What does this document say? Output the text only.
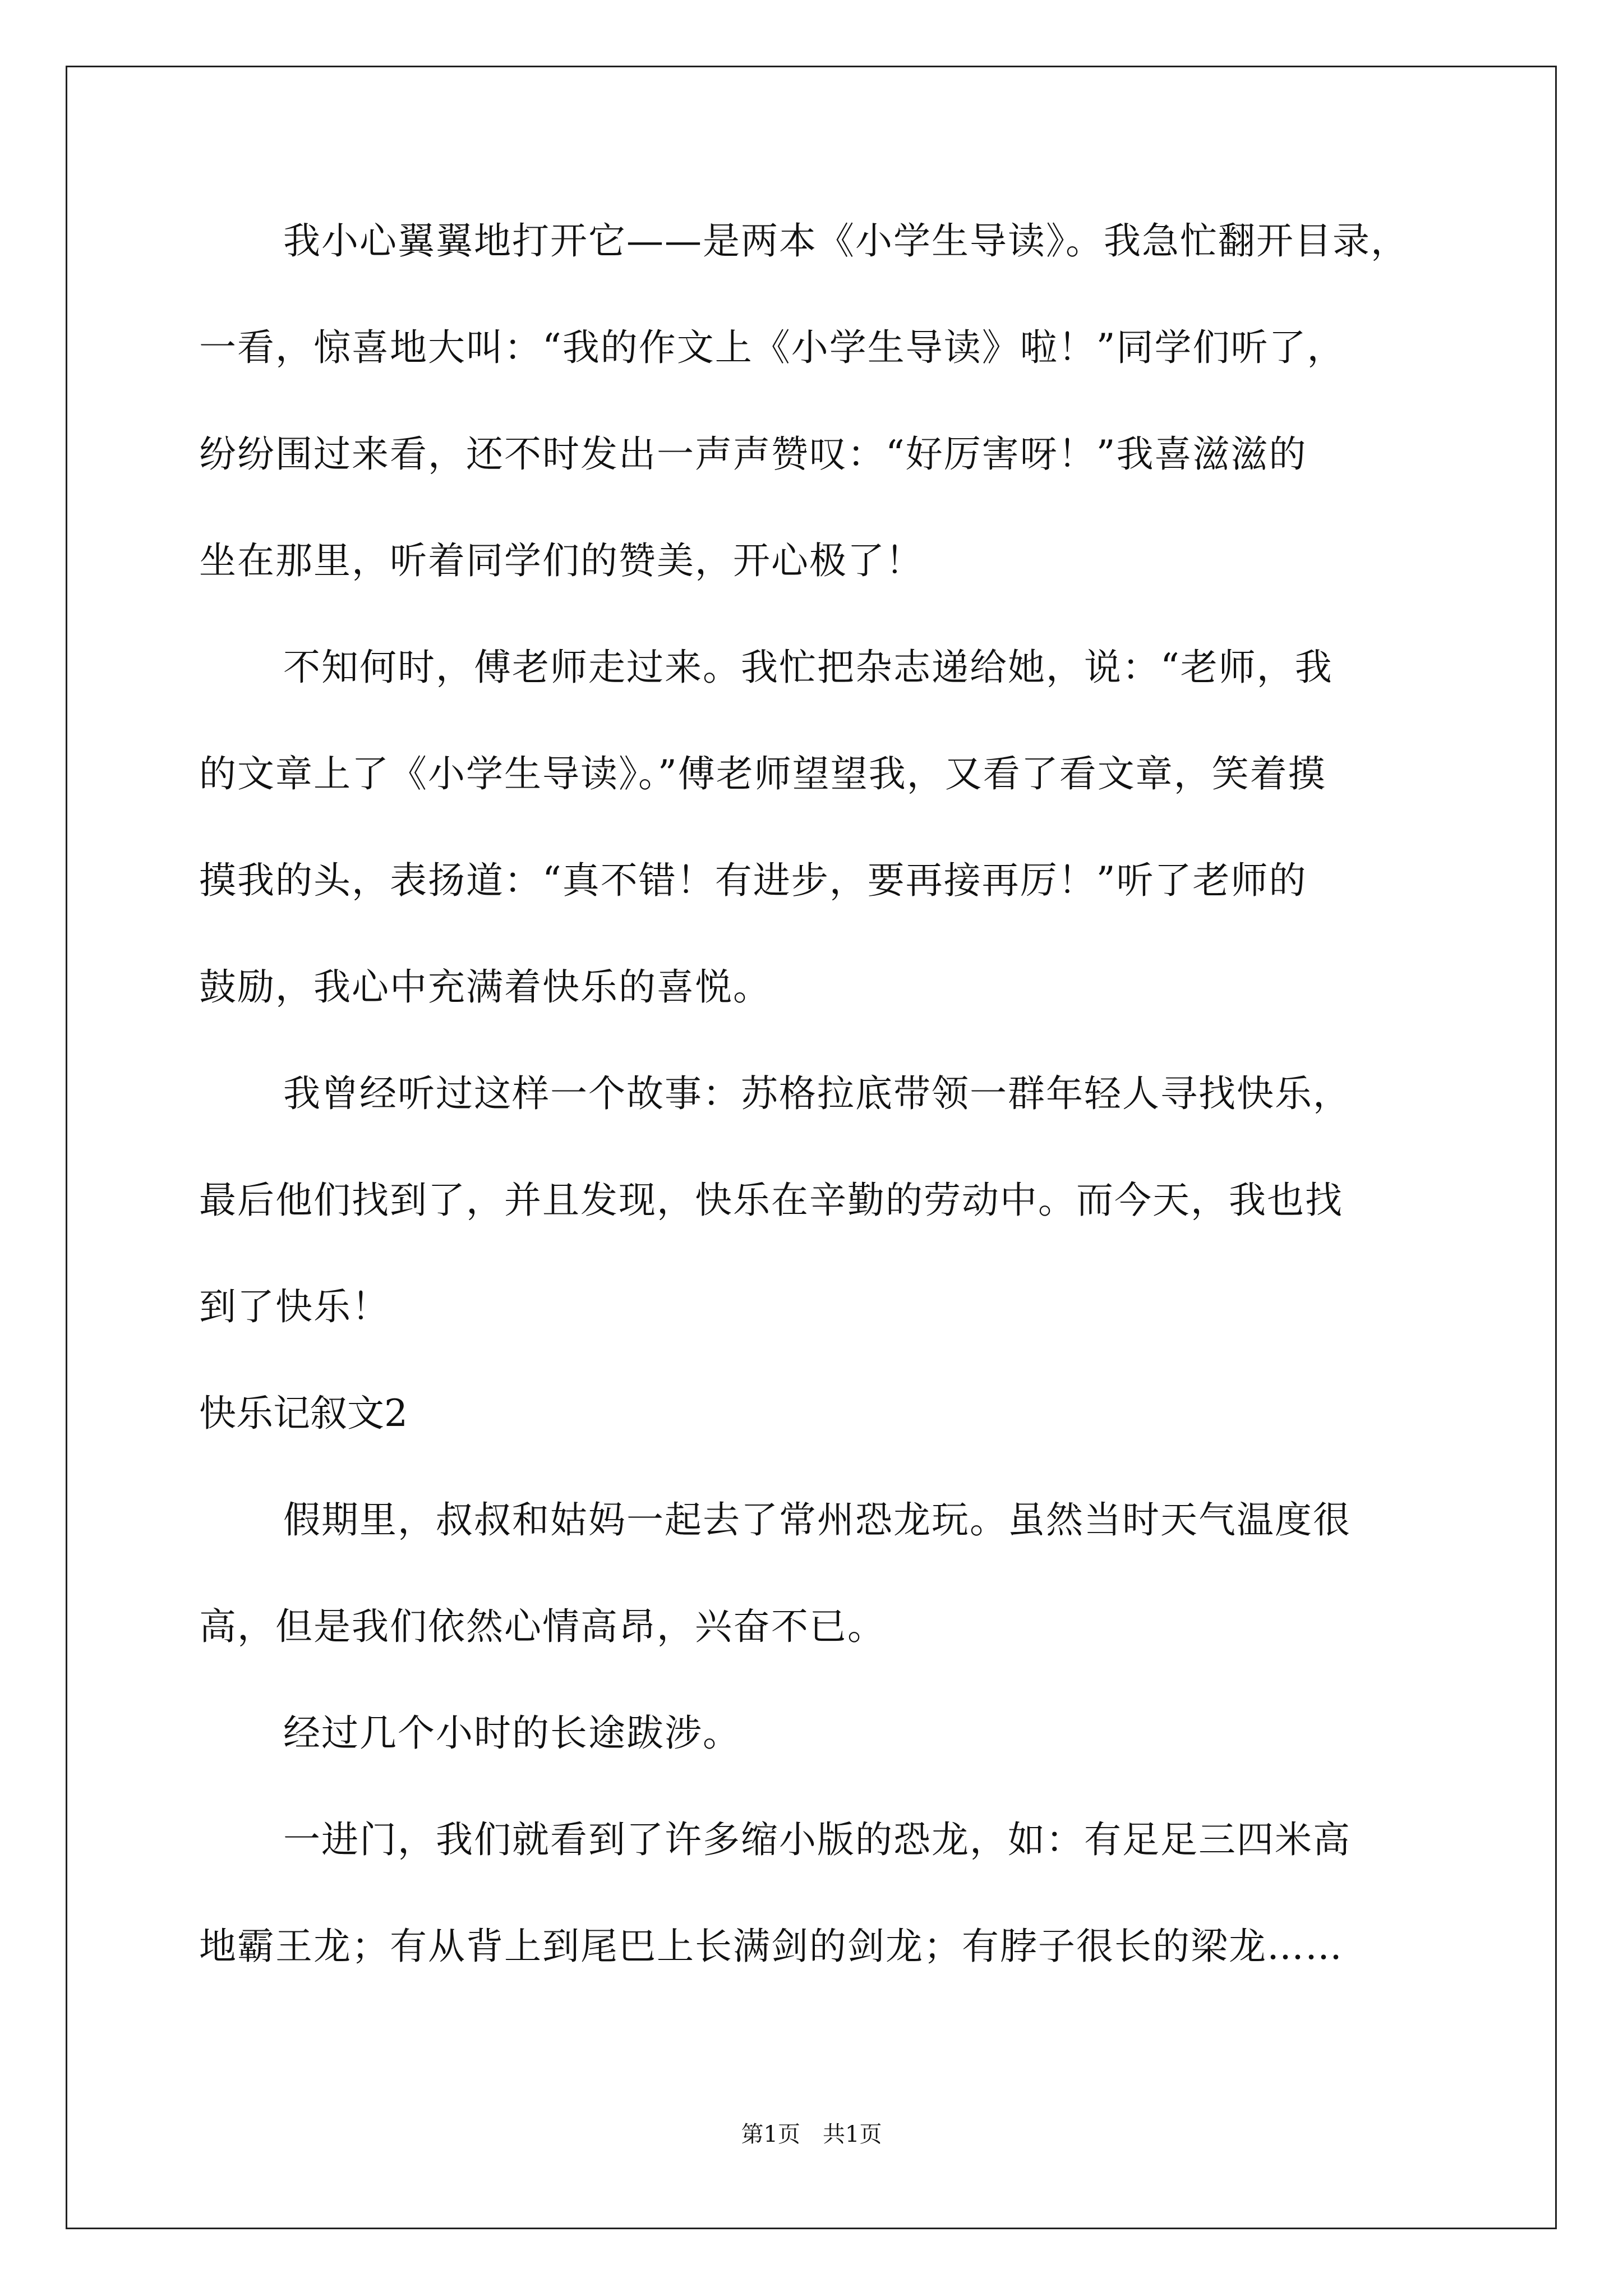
我小心翼翼地打开它——是两本《小学生导读》。我急忙翻开目录，
一看，惊喜地大叫：“我的作文上《小学生导读》啦！”同学们听了，
纷纷围过来看，还不时发出一声声赞叹：“好厉害呀！”我喜滋滋的
坐在那里，听着同学们的赞美，开心极了！
不知何时，傅老师走过来。我忙把杂志递给她，说：“老师，我
的文章上了《小学生导读》。”傅老师望望我，又看了看文章，笑着摸
摸我的头，表扬道：“真不错！有进步，要再接再厉！”听了老师的
鼓励，我心中充满着快乐的喜悦。
我曾经听过这样一个故事：苏格拉底带领一群年轻人寻找快乐，
最后他们找到了，并且发现，快乐在辛勤的劳动中。而今天，我也找
到了快乐！
快乐记叙文2
假期里，叔叔和姑妈一起去了常州恐龙玩。虽然当时天气温度很
高，但是我们依然心情高昂，兴奋不已。
经过几个小时的长途跋涉。
一进门，我们就看到了许多缩小版的恐龙，如：有足足三四米高
地霸王龙；有从背上到尾巴上长满剑的剑龙；有脖子很长的梁龙……
第1页　共1页
